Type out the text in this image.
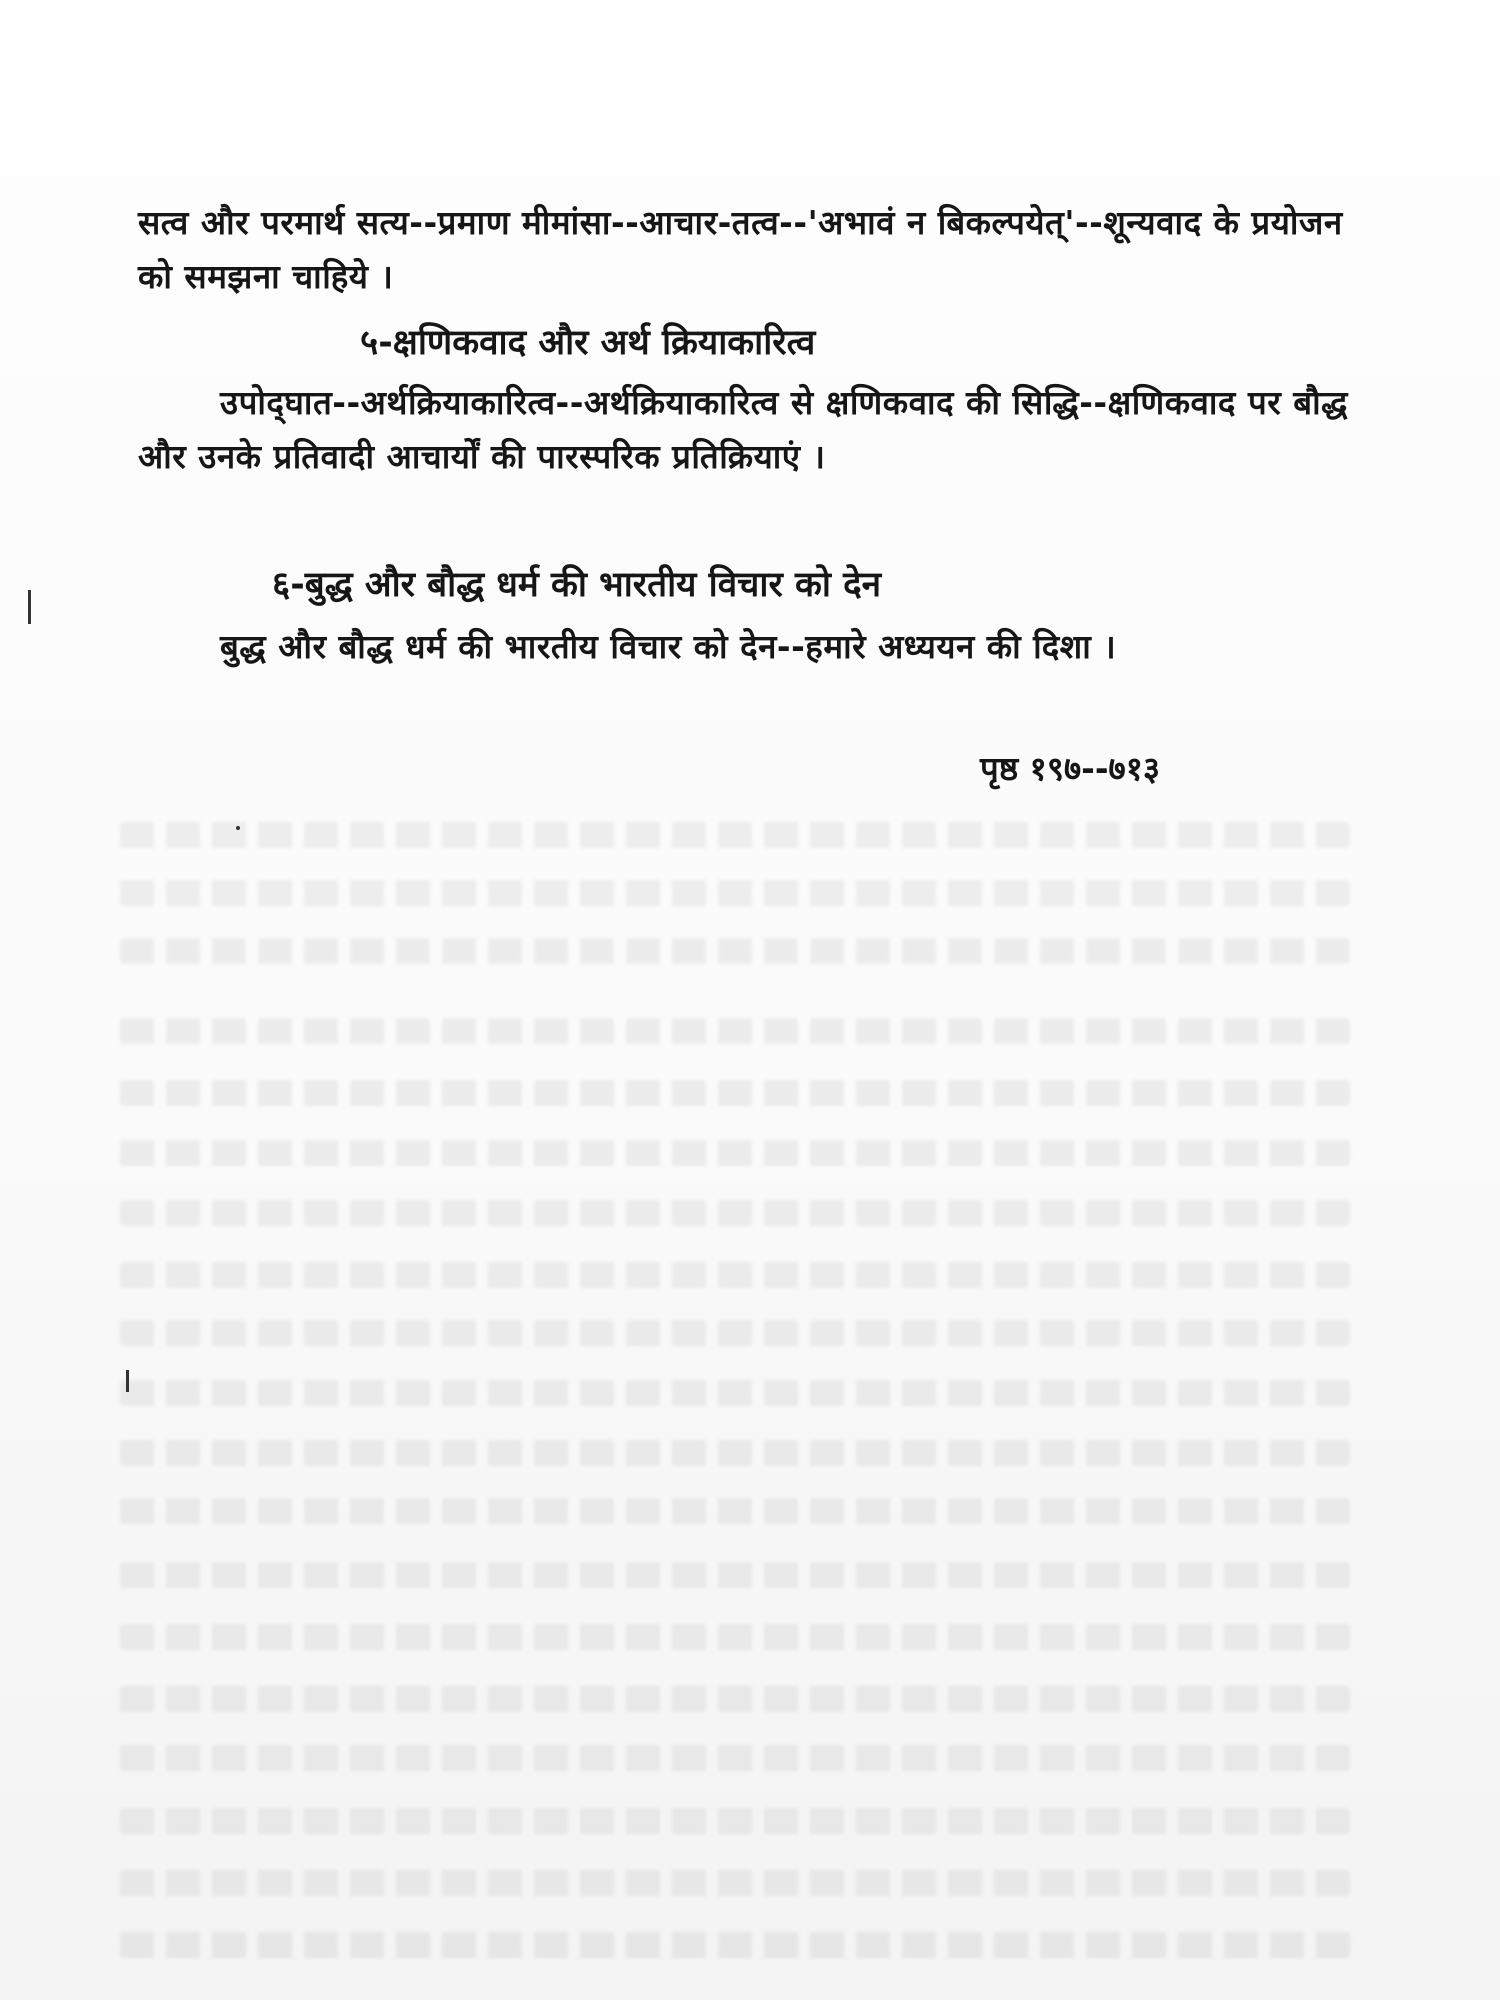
सत्व और परमार्थ सत्य--प्रमाण मीमांसा--आचार-तत्व--'अभावं न बिकल्पयेत्'--शून्यवाद के प्रयोजन को समझना चाहिये ।

५-क्षणिकवाद और अर्थ क्रियाकारित्व

उपोद्‌घात--अर्थक्रियाकारित्व--अर्थक्रियाकारित्व से क्षणिकवाद की सिद्धि--क्षणिकवाद पर बौद्ध और उनके प्रतिवादी आचार्यों की पारस्परिक प्रतिक्रियाएं ।

६-बुद्ध और बौद्ध धर्म की भारतीय विचार को देन

बुद्ध और बौद्ध धर्म की भारतीय विचार को देन--हमारे अध्ययन की दिशा ।

पृष्ठ १९७--७१३
